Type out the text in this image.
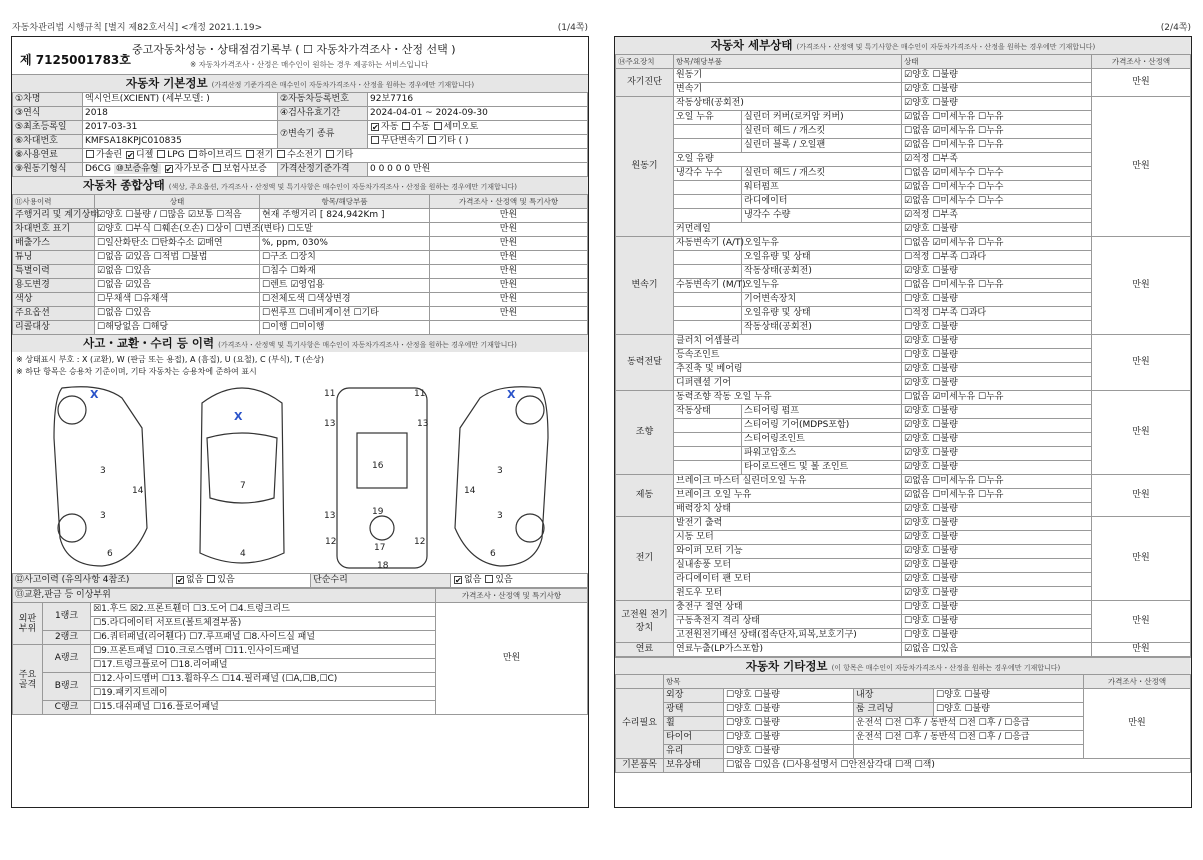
자동차관리법 시행규칙 [별지 제82호서식] <개정 2021.1.19>	(1/4쪽)
제 7125001783호
중고자동차성능・상태점검기록부 ( ☐ 자동차가격조사・산정 선택 )
※ 자동차가격조사・산정은 매수인이 원하는 경우 제공하는 서비스입니다
자동차 기본정보 (가격산정 기준가격은 매수인이 자동차가격조사・산정을 원하는 경우에만 기재합니다)
①차명	엑시언트(XCIENT) (세부모델: )	②자동차등록번호	92보7716
③연식	2018	④검사유효기간	2024-04-01 ~ 2024-09-30
⑤최초등록일	2017-03-31	⑦변속기 종류	✔자동 수동 세미오토
⑥차대번호	KMFSA18KPJC010835		무단변속기 기타 ( )
⑧사용연료	가솔린 ✔ 디젤 LPG 하이브리드 전기 수소전기 기타
⑨원동기형식	D6CG ⑩보증유형 ✔ 자가보증 보험사보증	가격산정기준가격	0 0 0 0 0 만원
자동차 종합상태 (색상, 주요옵션, 가격조사・산정액 및 특기사항은 매수인이 자동차가격조사・산정을 원하는 경우에만 기재합니다)
⑪사용이력	상태	항목/해당부품	가격조사・산정액 및 특기사항
주행거리 및 계기상태	☑양호 ☐불량 / ☐많음 ☑보통 ☐적음	현재 주행거리 [ 824,942Km ]	만원
차대번호 표기	☑양호 ☐부식 ☐훼손(오손) ☐상이 ☐변조(변타) ☐도말		만원
배출가스	☐일산화탄소 ☐탄화수소 ☑매연	%, ppm, 030%	만원
튜닝	☐없음 ☑있음 ☐적법 ☐불법	☐구조 ☐장치	만원
특별이력	☑없음 ☐있음	☐침수 ☐화재	만원
용도변경	☐없음 ☑있음	☐렌트 ☑영업용	만원
색상	☐무채색 ☐유채색	☐전체도색 ☐색상변경	만원
주요옵션	☐없음 ☐있음	☐썬루프 ☐네비게이션 ☐기타	만원
리콜대상	☐해당없음 ☐해당	☐이행 ☐미이행	
사고・교환・수리 등 이력 (가격조사・산정액 및 특기사항은 매수인이 자동차가격조사・산정을 원하는 경우에만 기재합니다)
※ 상태표시 부호 : X (교환), W (판금 또는 용접), A (흠집), U (요철), C (부식), T (손상)
※ 하단 항목은 승용차 기준이며, 기타 자동차는 승용차에 준하여 표시
3
3
14
6
7
4
11	11
13	13
16
13	19
12
17
12
18
3
3
14
6
X
X
X
⑫사고이력 (유의사항 4참조)	✔없음 있음	단순수리	✔없음 있음
⑬교환,판금 등 이상부위			가격조사・산정액 및 특기사항
외판 부위	1랭크	☒1.후드 ☒2.프론트휀더 ☐3.도어 ☐4.트렁크리드	만원
		☐5.라디에이터 서포트(볼트체결부품)	
	2랭크	☐6.쿼터패널(리어휀다) ☐7.루프패널 ☐8.사이드실 패널	
주요 골격	A랭크	☐9.프론트패널 ☐10.크로스멤버 ☐11.인사이드패널	
		☐17.트렁크플로어 ☐18.리어패널	
	B랭크	☐12.사이드멤버 ☐13.휠하우스 ☐14.필러패널 (☐A,☐B,☐C)	
		☐19.패키지트레이	
	C랭크	☐15.대쉬패널 ☐16.플로어패널	
(2/4쪽)
자동차 세부상태 (가격조사・산정액 및 특기사항은 매수인이 자동차가격조사・산정을 원하는 경우에만 기재합니다)
⑭주요장치	항목/해당부품		상태	가격조사・산정액
자기진단	원동기		☑양호 ☐불량	만원
	변속기		☑양호 ☐불량	
원동기	작동상태(공회전)		☑양호 ☐불량	만원
	오일 누유	실린더 커버(로커암 커버)	☑없음 ☐미세누유 ☐누유	
		실린더 헤드 / 개스킷	☐없음 ☑미세누유 ☐누유	
		실린더 블록 / 오일팬	☑없음 ☐미세누유 ☐누유	
	오일 유량		☑적정 ☐부족	
	냉각수 누수	실린더 헤드 / 개스킷	☐없음 ☑미세누수 ☐누수	
		워터펌프	☑없음 ☐미세누수 ☐누수	
		라디에이터	☑없음 ☐미세누수 ☐누수	
		냉각수 수량	☑적정 ☐부족	
	커먼레일		☑양호 ☐불량	
변속기	자동변속기 (A/T)	오일누유	☐없음 ☑미세누유 ☐누유	만원
		오일유량 및 상태	☐적정 ☐부족 ☐과다	
		작동상태(공회전)	☑양호 ☐불량	
	수동변속기 (M/T)	오일누유	☐없음 ☐미세누유 ☐누유	
		기어변속장치	☐양호 ☐불량	
		오일유량 및 상태	☐적정 ☐부족 ☐과다	
		작동상태(공회전)	☐양호 ☐불량	
동력전달	클러치 어셈블리		☑양호 ☐불량	만원
	등속조인트		☐양호 ☐불량	
	추진축 및 베어링		☑양호 ☐불량	
	디퍼렌셜 기어		☑양호 ☐불량	
조향	동력조향 작동 오일 누유		☐없음 ☑미세누유 ☐누유	만원
	작동상태	스티어링 펌프	☑양호 ☐불량	
		스티어링 기어(MDPS포함)	☑양호 ☐불량	
		스티어링조인트	☑양호 ☐불량	
		파워고압호스	☑양호 ☐불량	
		타이로드엔드 및 볼 조인트	☑양호 ☐불량	
제동	브레이크 마스터 실린더오일 누유		☑없음 ☐미세누유 ☐누유	만원
	브레이크 오일 누유		☑없음 ☐미세누유 ☐누유	
	배력장치 상태		☑양호 ☐불량	
전기	발전기 출력		☑양호 ☐불량	만원
	시동 모터		☑양호 ☐불량	
	와이퍼 모터 기능		☑양호 ☐불량	
	실내송풍 모터		☑양호 ☐불량	
	라디에이터 팬 모터		☑양호 ☐불량	
	윈도우 모터		☑양호 ☐불량	
고전원 전기장치	충전구 절연 상태		☐양호 ☐불량	만원
	구동축전지 격리 상태		☐양호 ☐불량	
	고전원전기배선 상태(접속단자,피복,보호기구)		☐양호 ☐불량	
연료	연료누출(LP가스포함)		☑없음 ☐있음	만원
자동차 기타정보 (이 항목은 매수인이 자동차가격조사・산정을 원하는 경우에만 기재합니다)
	항목				가격조사・산정액
수리필요	외장	☐양호 ☐불량	내장	☐양호 ☐불량	만원
	광택	☐양호 ☐불량	룸 크리닝	☐양호 ☐불량	
	휠	☐양호 ☐불량	운전석 ☐전 ☐후 / 동반석 ☐전 ☐후 / ☐응급		
	타이어	☐양호 ☐불량	운전석 ☐전 ☐후 / 동반석 ☐전 ☐후 / ☐응급		
	유리	☐양호 ☐불량			
기본품목	보유상태	☐없음 ☐있음 (☐사용설명서 ☐안전삼각대 ☐잭 ☐잭)			
